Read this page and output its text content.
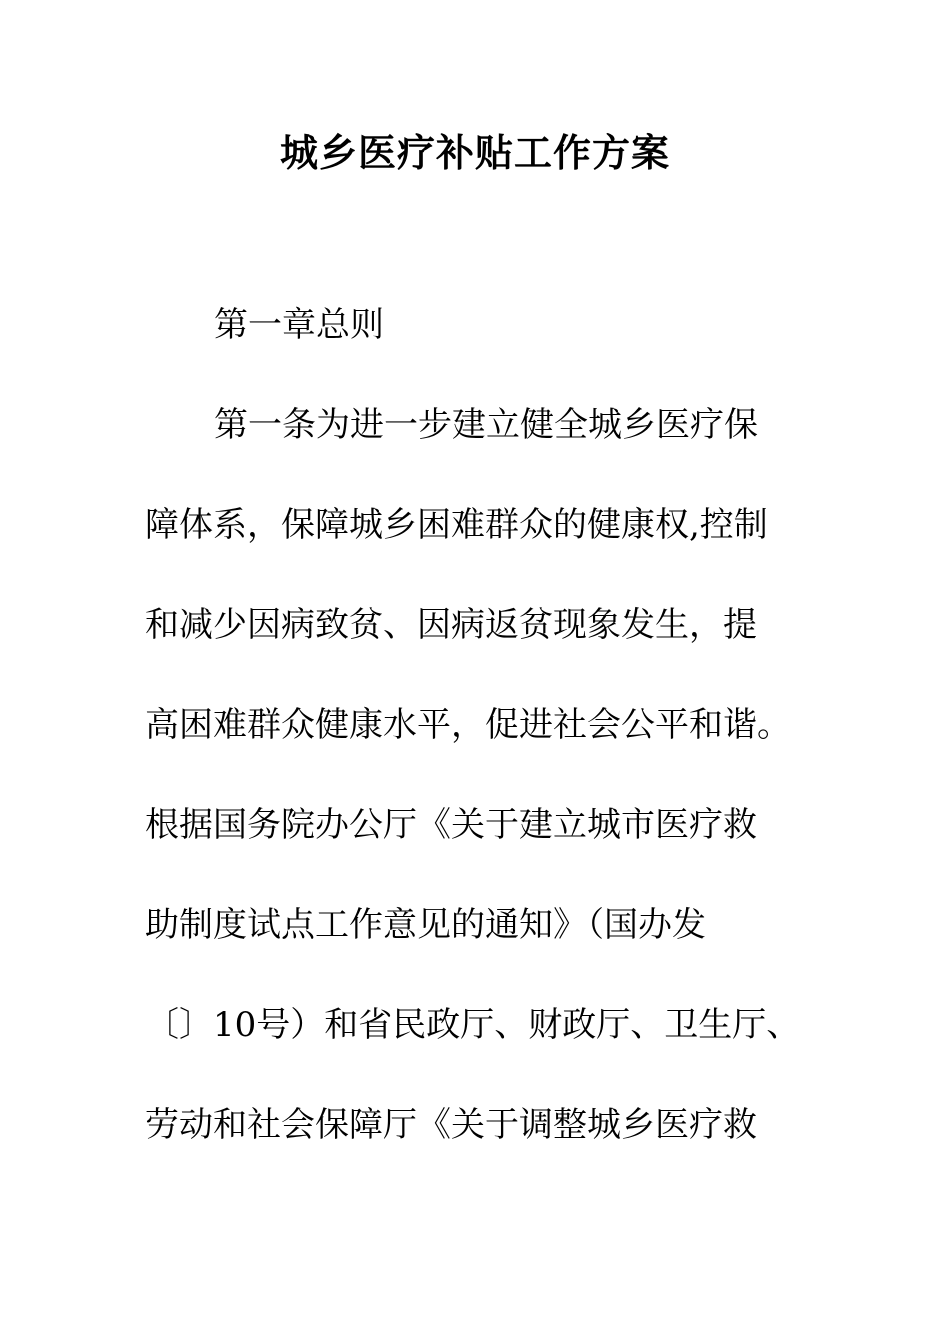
城乡医疗补贴工作方案
第一章总则
第一条为进一步建立健全城乡医疗保
障体系，保障城乡困难群众的健康权,控制
和减少因病致贫、因病返贫现象发生，提
高困难群众健康水平，促进社会公平和谐。
根据国务院办公厅《关于建立城市医疗救
助制度试点工作意见的通知》（国办发
〔〕10号）和省民政厅、财政厅、卫生厅、
劳动和社会保障厅《关于调整城乡医疗救
